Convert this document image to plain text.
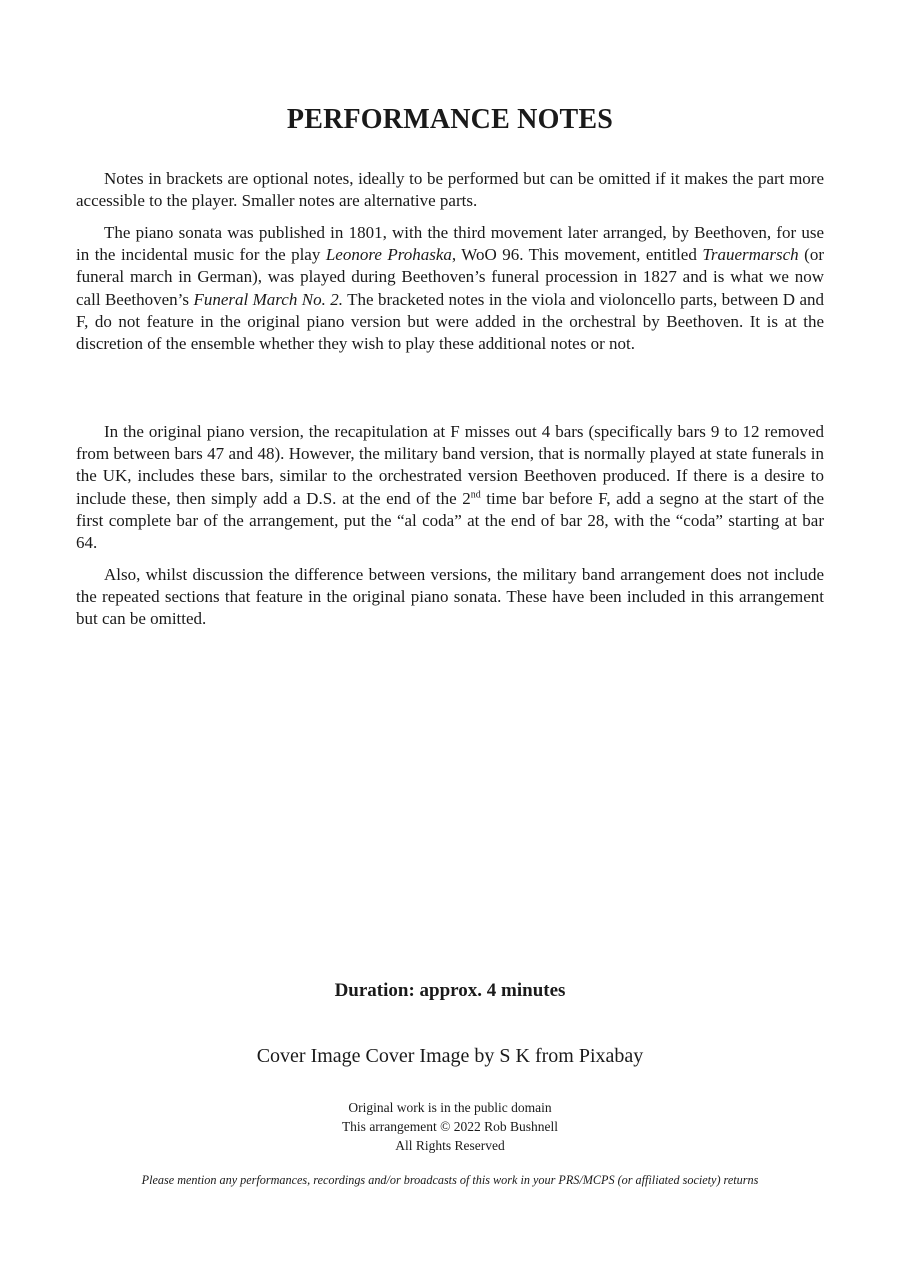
PERFORMANCE NOTES

Notes in brackets are optional notes, ideally to be performed but can be omitted if it makes the part more accessible to the player. Smaller notes are alternative parts.

The piano sonata was published in 1801, with the third movement later arranged, by Beethoven, for use in the incidental music for the play Leonore Prohaska, WoO 96. This movement, entitled Trauermarsch (or funeral march in German), was played during Beethoven’s funeral procession in 1827 and is what we now call Beethoven’s Funeral March No. 2. The bracketed notes in the viola and violoncello parts, between D and F, do not feature in the original piano version but were added in the orchestral by Beethoven. It is at the discretion of the ensemble whether they wish to play these additional notes or not.

In the original piano version, the recapitulation at F misses out 4 bars (specifically bars 9 to 12 removed from between bars 47 and 48). However, the military band version, that is normally played at state funerals in the UK, includes these bars, similar to the orchestrated version Beethoven produced. If there is a desire to include these, then simply add a D.S. at the end of the 2nd time bar before F, add a segno at the start of the first complete bar of the arrangement, put the “al coda” at the end of bar 28, with the “coda” starting at bar 64.

Also, whilst discussion the difference between versions, the military band arrangement does not include the repeated sections that feature in the original piano sonata. These have been included in this arrangement but can be omitted.

Duration: approx. 4 minutes

Cover Image Cover Image by S K from Pixabay

Original work is in the public domain
This arrangement © 2022 Rob Bushnell
All Rights Reserved

Please mention any performances, recordings and/or broadcasts of this work in your PRS/MCPS (or affiliated society) returns
